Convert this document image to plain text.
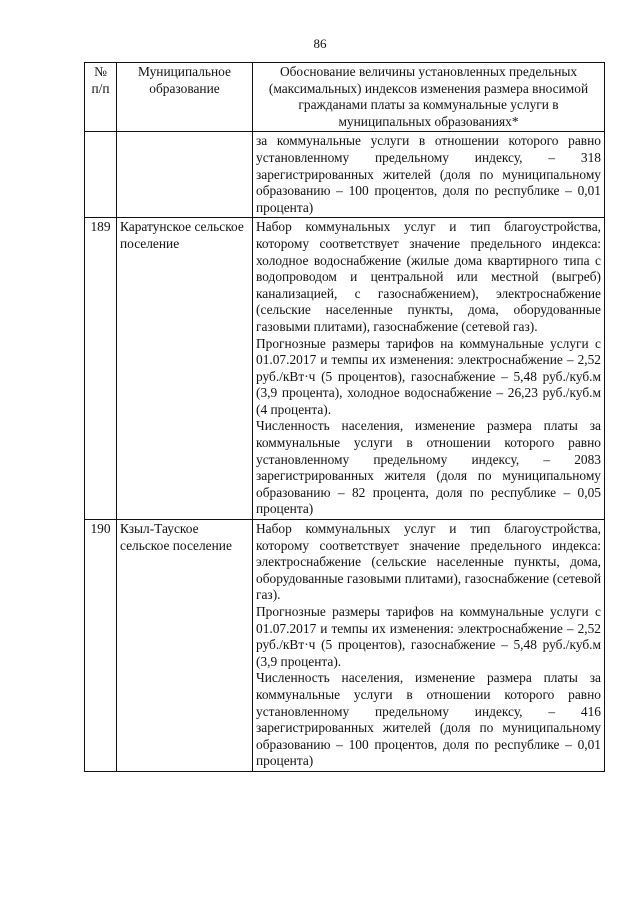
86
№ п/п	Муниципальное образование	Обоснование величины установленных предельных (максимальных) индексов изменения размера вносимой гражданами платы за коммунальные услуги в муниципальных образованиях*

		за коммунальные услуги в отношении которого равно установленному предельному индексу, – 318 зарегистрированных жителей (доля по муниципальному образованию – 100 процентов, доля по республике – 0,01 процента)

189	Каратунское сельское поселение	Набор коммунальных услуг и тип благоустройства, которому соответствует значение предельного индекса: холодное водоснабжение (жилые дома квартирного типа с водопроводом и центральной или местной (выгреб) канализацией, с газоснабжением), электроснабжение (сельские населенные пункты, дома, оборудованные газовыми плитами), газоснабжение (сетевой газ).

Прогнозные размеры тарифов на коммунальные услуги с 01.07.2017 и темпы их изменения: электроснабжение – 2,52 руб./кВт·ч (5 процентов), газоснабжение – 5,48 руб./куб.м (3,9 процента), холодное водоснабжение – 26,23 руб./куб.м (4 процента).

Численность населения, изменение размера платы за коммунальные услуги в отношении которого равно установленному предельному индексу, – 2083 зарегистрированных жителя (доля по муниципальному образованию – 82 процента, доля по республике – 0,05 процента)

190	Кзыл-Тауское сельское поселение	Набор коммунальных услуг и тип благоустройства, которому соответствует значение предельного индекса: электроснабжение (сельские населенные пункты, дома, оборудованные газовыми плитами), газоснабжение (сетевой газ).

Прогнозные размеры тарифов на коммунальные услуги с 01.07.2017 и темпы их изменения: электроснабжение – 2,52 руб./кВт·ч (5 процентов), газоснабжение – 5,48 руб./куб.м (3,9 процента).

Численность населения, изменение размера платы за коммунальные услуги в отношении которого равно установленному предельному индексу, – 416 зарегистрированных жителей (доля по муниципальному образованию – 100 процентов, доля по республике – 0,01 процента)
